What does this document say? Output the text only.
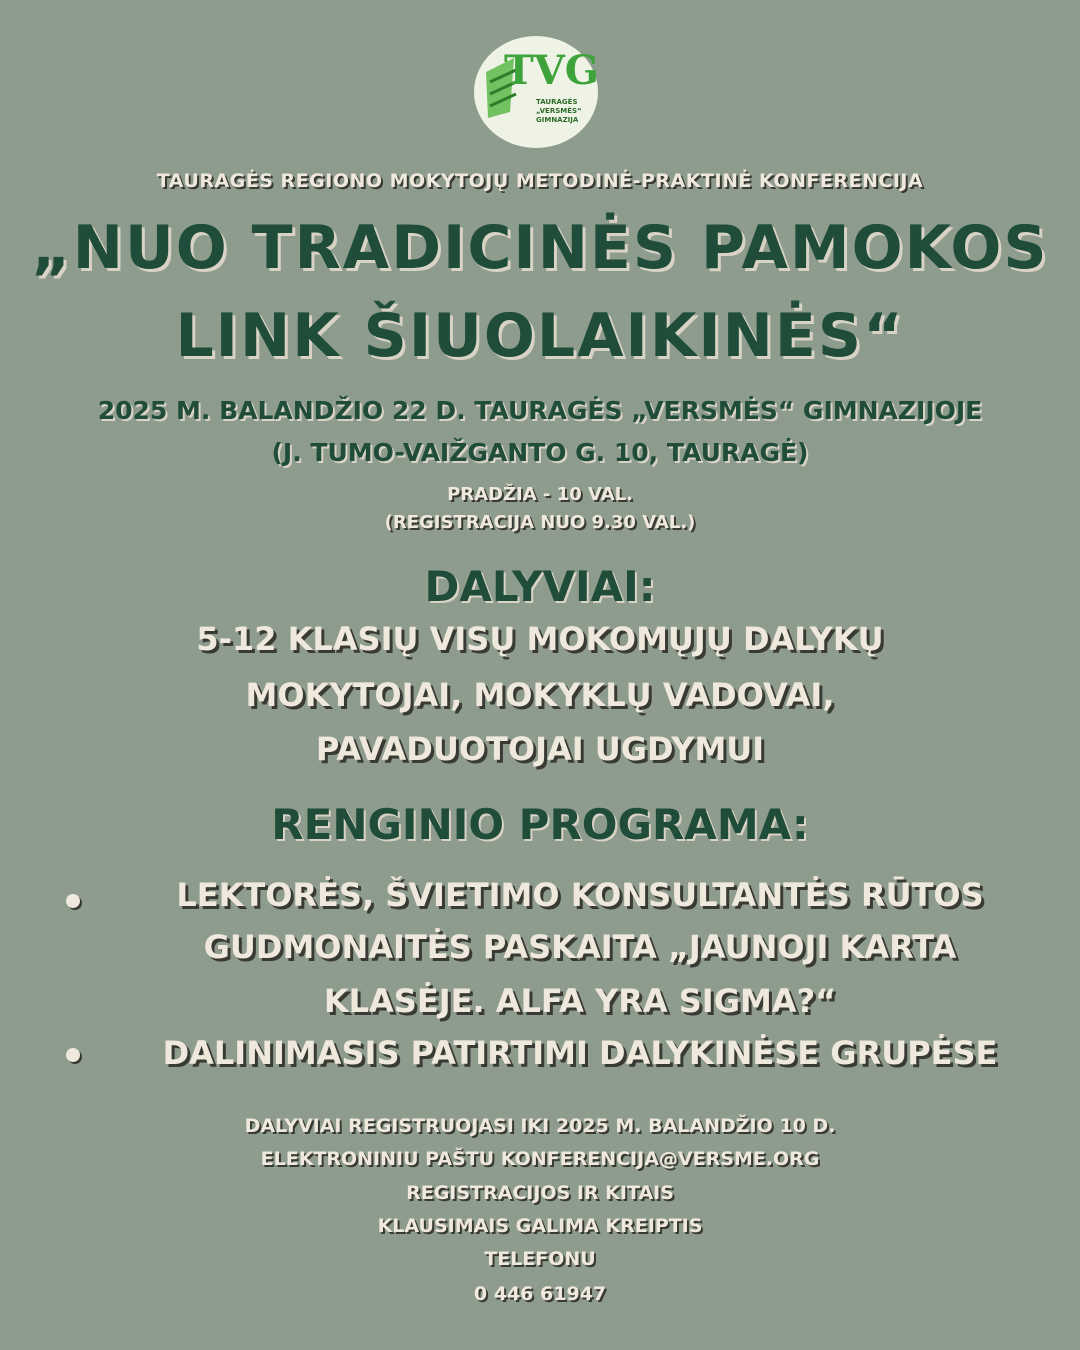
TVG
TAURAGĖS
„VERSMĖS“
GIMNAZIJA
TAURAGĖS REGIONO MOKYTOJŲ METODINĖ-PRAKTINĖ KONFERENCIJA
„NUO TRADICINĖS PAMOKOS
LINK ŠIUOLAIKINĖS“
2025 M. BALANDŽIO 22 D. TAURAGĖS „VERSMĖS“ GIMNAZIJOJE
(J. TUMO-VAIŽGANTO G. 10, TAURAGĖ)
PRADŽIA - 10 VAL.
(REGISTRACIJA NUO 9.30 VAL.)
DALYVIAI:
5-12 KLASIŲ VISŲ MOKOMŲJŲ DALYKŲ
MOKYTOJAI, MOKYKLŲ VADOVAI,
PAVADUOTOJAI UGDYMUI
RENGINIO PROGRAMA:
LEKTORĖS, ŠVIETIMO KONSULTANTĖS RŪTOS
GUDMONAITĖS PASKAITA „JAUNOJI KARTA
KLASĖJE. ALFA YRA SIGMA?“
DALINIMASIS PATIRTIMI DALYKINĖSE GRUPĖSE
DALYVIAI REGISTRUOJASI IKI 2025 M. BALANDŽIO 10 D.
ELEKTRONINIU PAŠTU KONFERENCIJA@VERSME.ORG
REGISTRACIJOS IR KITAIS
KLAUSIMAIS GALIMA KREIPTIS
TELEFONU
0 446 61947
